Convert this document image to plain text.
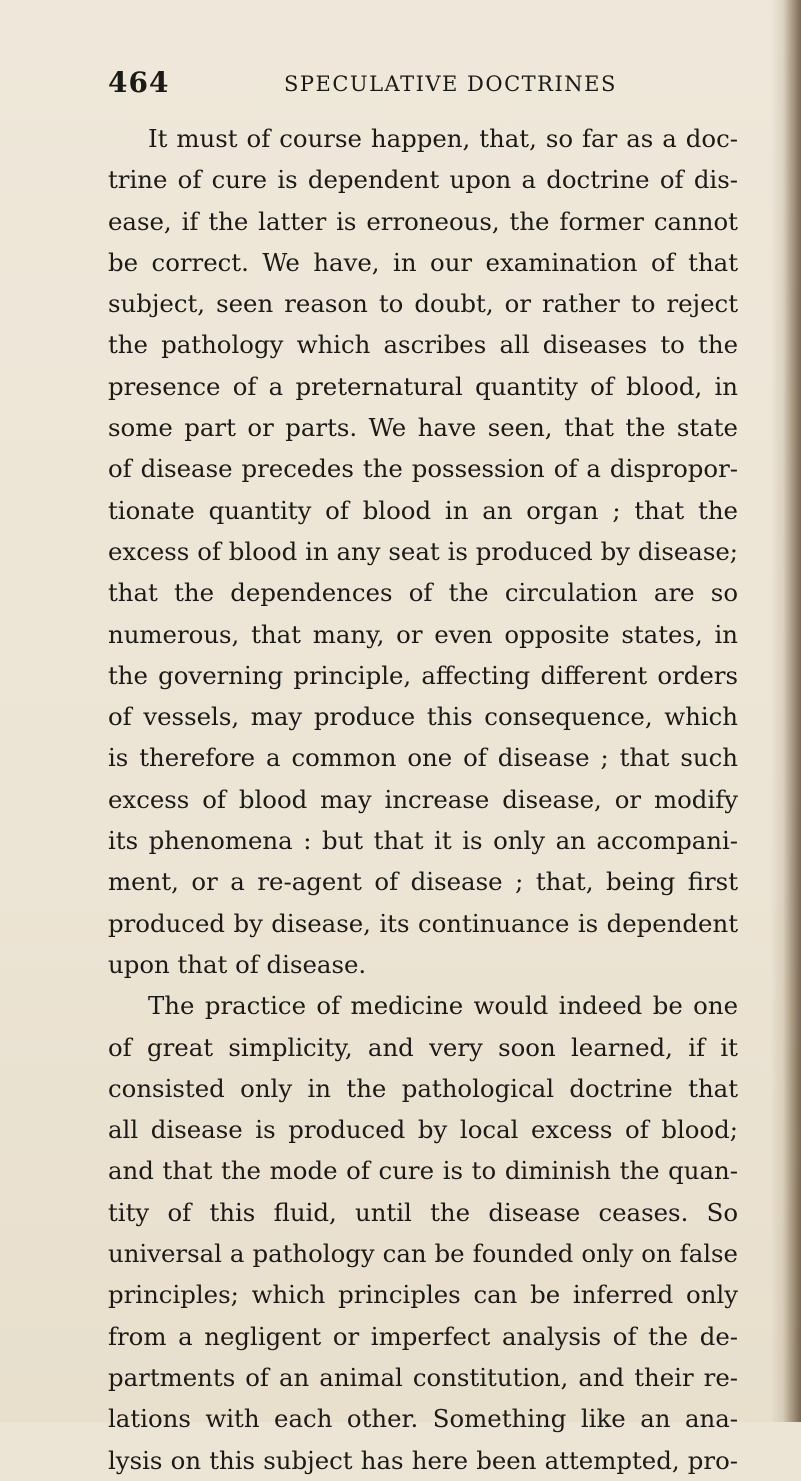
464	SPECULATIVE DOCTRINES
It must of course happen, that, so far as a doc-
trine of cure is dependent upon a doctrine of dis-
ease, if the latter is erroneous, the former cannot
be correct. We have, in our examination of that
subject, seen reason to doubt, or rather to reject
the pathology which ascribes all diseases to the
presence of a preternatural quantity of blood, in
some part or parts. We have seen, that the state
of disease precedes the possession of a dispropor-
tionate quantity of blood in an organ ; that the
excess of blood in any seat is produced by disease;
that the dependences of the circulation are so
numerous, that many, or even opposite states, in
the governing principle, affecting different orders
of vessels, may produce this consequence, which
is therefore a common one of disease ; that such
excess of blood may increase disease, or modify
its phenomena : but that it is only an accompani-
ment, or a re-agent of disease ; that, being first
produced by disease, its continuance is dependent
upon that of disease.
The practice of medicine would indeed be one
of great simplicity, and very soon learned, if it
consisted only in the pathological doctrine that
all disease is produced by local excess of blood;
and that the mode of cure is to diminish the quan-
tity of this fluid, until the disease ceases. So
universal a pathology can be founded only on false
principles; which principles can be inferred only
from a negligent or imperfect analysis of the de-
partments of an animal constitution, and their re-
lations with each other. Something like an ana-
lysis on this subject has here been attempted, pro-
